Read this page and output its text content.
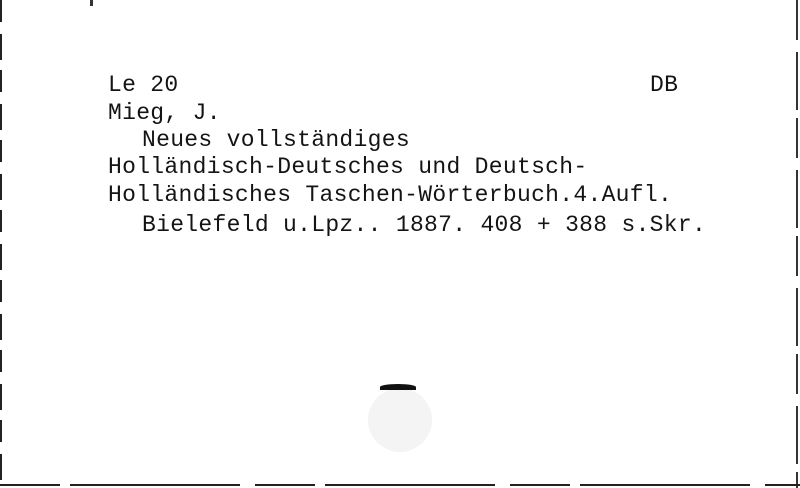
Le 20	DB
Mieg, J.
Neues vollständiges
Holländisch-Deutsches und Deutsch-
Holländisches Taschen-Wörterbuch.4.Aufl.
Bielefeld u.Lpz.. 1887. 408 + 388 s.Skr.
